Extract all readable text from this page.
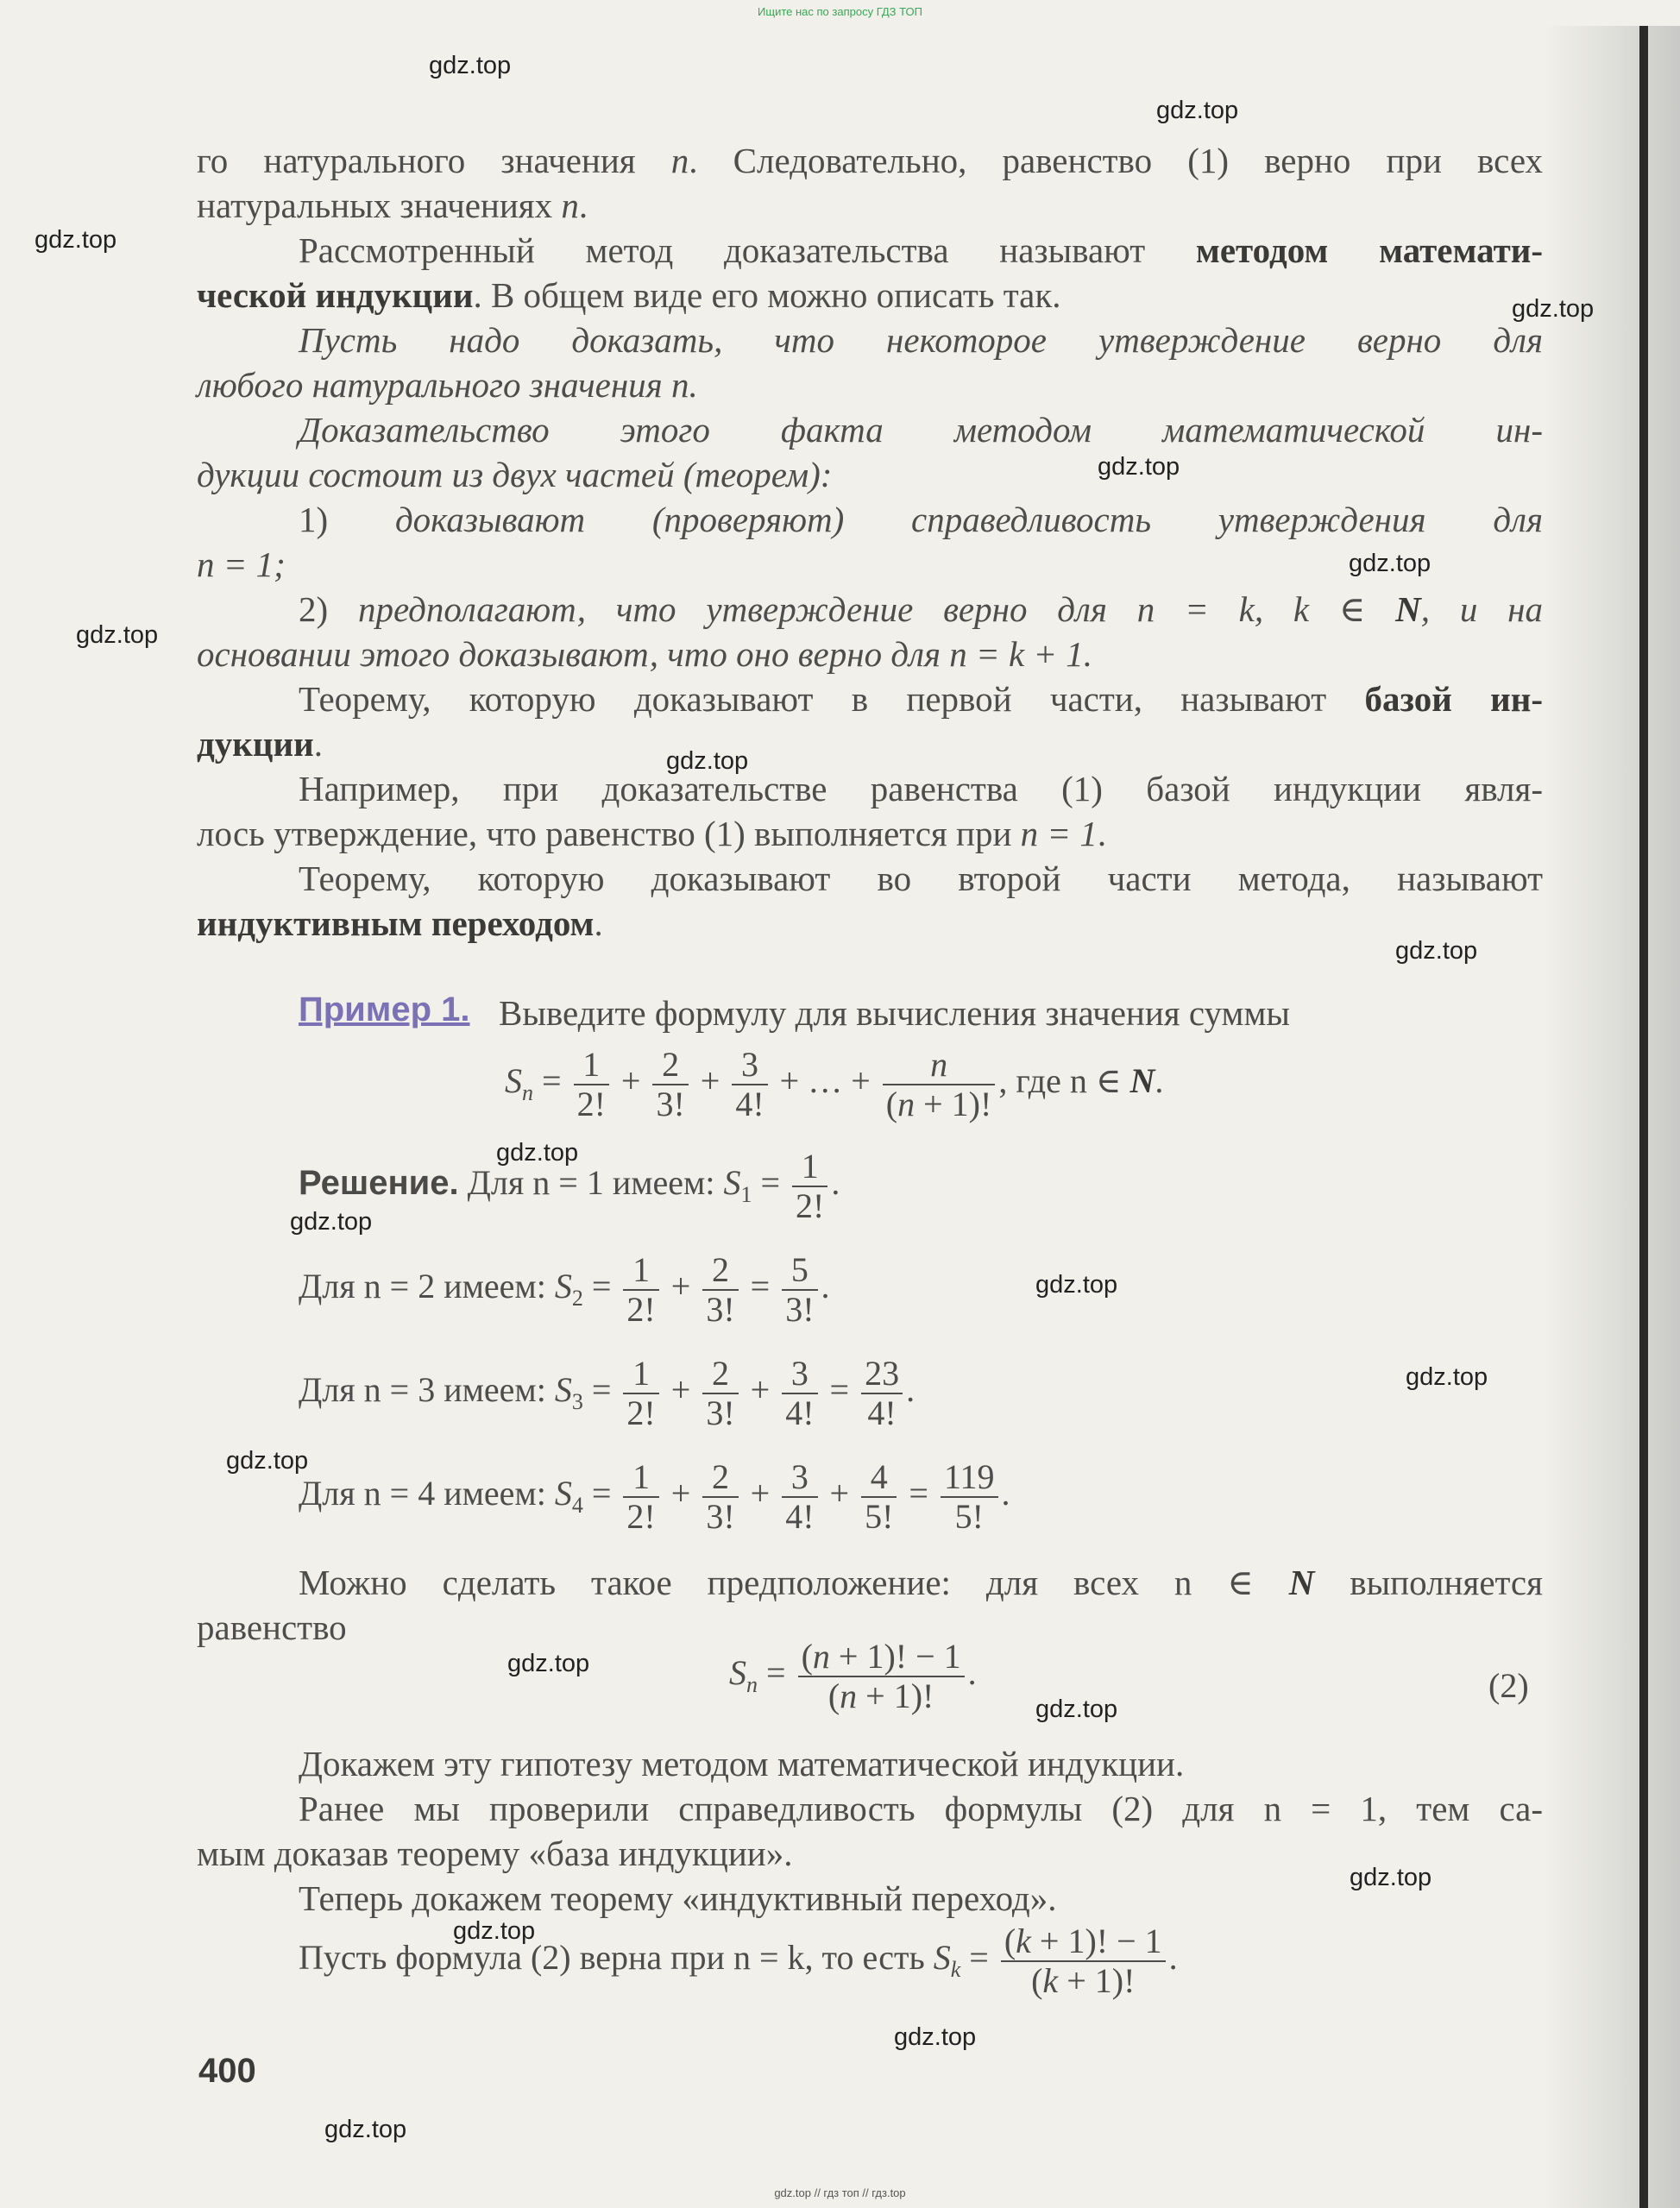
Ищите нас по запросу ГДЗ ТОП
gdz.top
gdz.top
gdz.top
gdz.top
gdz.top
gdz.top
gdz.top
gdz.top
gdz.top
gdz.top
gdz.top
gdz.top
gdz.top
gdz.top
gdz.top
gdz.top
gdz.top
gdz.top
gdz.top
gdz.top
го натурального значения n. Следовательно, равенство (1) верно при всех
натуральных значениях n.
Рассмотренный метод доказательства называют методом математи-
ческой индукции. В общем виде его можно описать так.
Пусть надо доказать, что некоторое утверждение верно для
любого натурального значения n.
Доказательство этого факта методом математической ин-
дукции состоит из двух частей (теорем):
1) доказывают (проверяют) справедливость утверждения для
n = 1;
2) предполагают, что утверждение верно для n = k, k ∈ N, и на
основании этого доказывают, что оно верно для n = k + 1.
Теорему, которую доказывают в первой части, называют базой ин-
дукции.
Например, при доказательстве равенства (1) базой индукции явля-
лось утверждение, что равенство (1) выполняется при n = 1.
Теорему, которую доказывают во второй части метода, называют
индуктивным переходом.
Пример 1. Выведите формулу для вычисления значения суммы
$S_n = \frac{1}{2!} + \frac{2}{3!} + \frac{3}{4!}$ + … + $\frac{n}{(n + 1)!}$ , где n ∈ N.
Решение. Для n = 1 имеем: $S_1 = \frac{1}{2!}$ .
Для n = 2 имеем: $S_2 = \frac{1}{2!} + \frac{2}{3!} = \frac{5}{3!}$ .
Для n = 3 имеем: $S_3 = \frac{1}{2!} + \frac{2}{3!} + \frac{3}{4!} = \frac{23}{4!}$ .
Для n = 4 имеем: $S_4 = \frac{1}{2!} + \frac{2}{3!} + \frac{3}{4!} + \frac{4}{5!} = \frac{119}{5!}$ .
Можно сделать такое предположение: для всех n ∈ N выполняется
равенство
$S_n = \frac{(n + 1)! - 1}{(n + 1)!}$ .	(2)
Докажем эту гипотезу методом математической индукции.
Ранее мы проверили справедливость формулы (2) для n = 1, тем са-
мым доказав теорему «база индукции».
Теперь докажем теорему «индуктивный переход».
Пусть формула (2) верна при n = k, то есть $S_k = \frac{(k + 1)! - 1}{(k + 1)!}$ .
400
gdz.top // гдз топ // гдз.top
